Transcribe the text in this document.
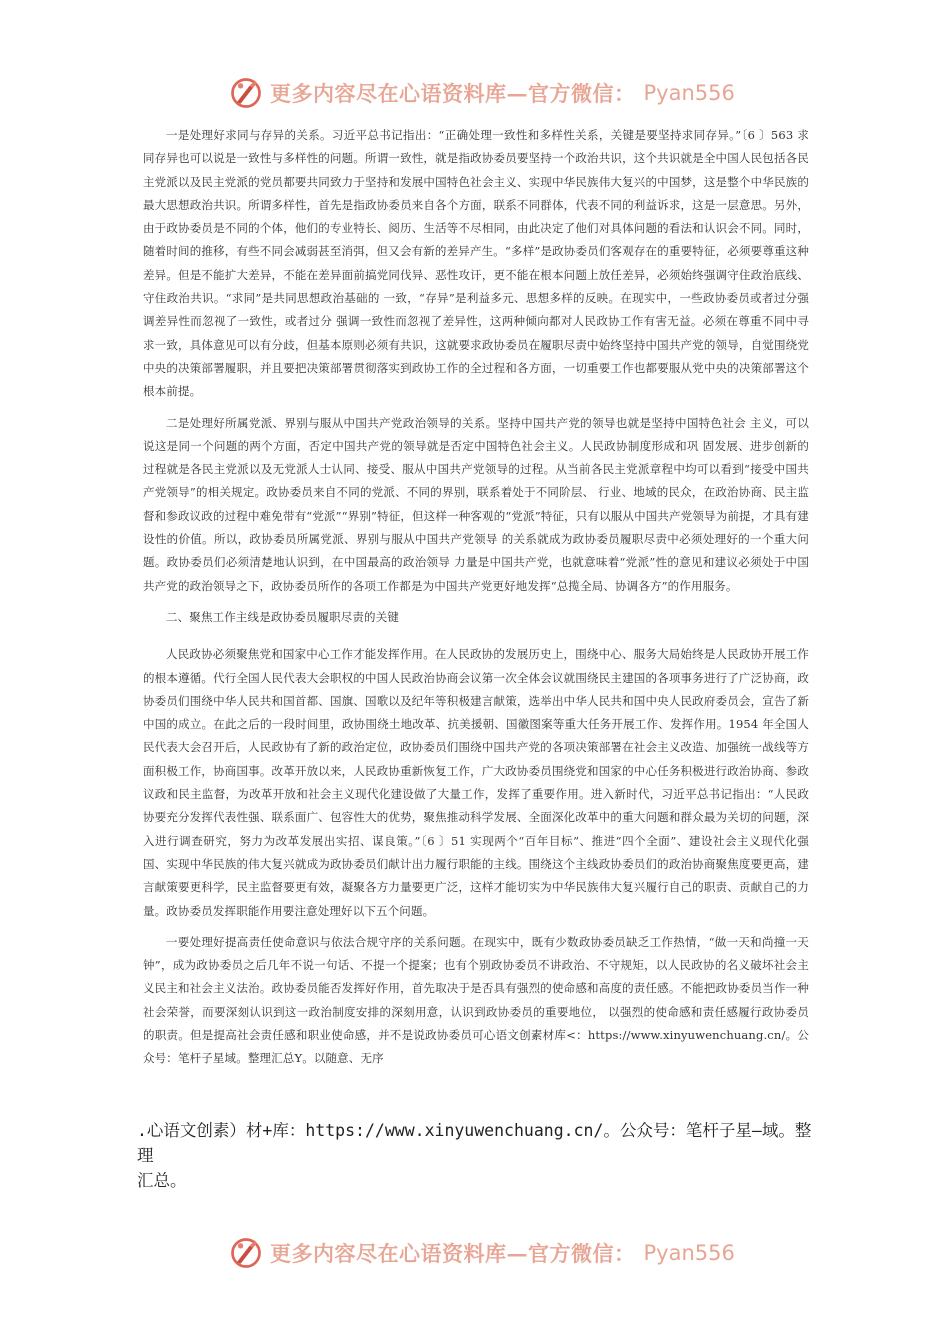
更多内容尽在心语资料库—官方微信： Pyan556

一是处理好求同与存异的关系。习近平总书记指出：“正确处理一致性和多样性关系，关键是要坚持求同存异。”〔6 〕563 求同存异也可以说是一致性与多样性的问题。所谓一致性，就是指政协委员要坚持一个政治共识，这个共识就是全中国人民包括各民主党派以及民主党派的党员都要共同致力于坚持和发展中国特色社会主义、实现中华民族伟大复兴的中国梦，这是整个中华民族的最大思想政治共识。所谓多样性，首先是指政协委员来自各个方面，联系不同群体，代表不同的利益诉求，这是一层意思。另外，由于政协委员是不同的个体，他们的专业特长、阅历、生活等不尽相同，由此决定了他们对具体问题的看法和认识会不同。同时，随着时间的推移，有些不同会减弱甚至消弭，但又会有新的差异产生。“多样”是政协委员们客观存在的重要特征，必须要尊重这种差异。但是不能扩大差异，不能在差异面前搞党同伐异、恶性攻讦，更不能在根本问题上放任差异，必须始终强调守住政治底线、守住政治共识。“求同”是共同思想政治基础的 一致，“存异”是利益多元、思想多样的反映。在现实中，一些政协委员或者过分强调差异性而忽视了一致性，或者过分 强调一致性而忽视了差异性，这两种倾向都对人民政协工作有害无益。必须在尊重不同中寻求一致，具体意见可以有分歧，但基本原则必须有共识，这就要求政协委员在履职尽责中始终坚持中国共产党的领导，自觉围绕党中央的决策部署履职，并且要把决策部署贯彻落实到政协工作的全过程和各方面，一切重要工作也都要服从党中央的决策部署这个根本前提。

二是处理好所属党派、界别与服从中国共产党政治领导的关系。坚持中国共产党的领导也就是坚持中国特色社会 主义，可以说这是同一个问题的两个方面，否定中国共产党的领导就是否定中国特色社会主义。人民政协制度形成和巩 固发展、进步创新的过程就是各民主党派以及无党派人士认同、接受、服从中国共产党领导的过程。从当前各民主党派章程中均可以看到“接受中国共产党领导”的相关规定。政协委员来自不同的党派、不同的界别，联系着处于不同阶层、 行业、地域的民众，在政治协商、民主监督和参政议政的过程中难免带有“党派”“界别”特征，但这样一种客观的“党派”特征，只有以服从中国共产党领导为前提，才具有建设性的价值。所以，政协委员所属党派、界别与服从中国共产党领导 的关系就成为政协委员履职尽责中必须处理好的一个重大问题。政协委员们必须清楚地认识到，在中国最高的政治领导 力量是中国共产党，也就意味着“党派”性的意见和建议必须处于中国共产党的政治领导之下，政协委员所作的各项工作都是为中国共产党更好地发挥“总揽全局、协调各方”的作用服务。

二、聚焦工作主线是政协委员履职尽责的关键

人民政协必须聚焦党和国家中心工作才能发挥作用。在人民政协的发展历史上，围绕中心、服务大局始终是人民政协开展工作的根本遵循。代行全国人民代表大会职权的中国人民政治协商会议第一次全体会议就围绕民主建国的各项事务进行了广泛协商，政协委员们围绕中华人民共和国首都、国旗、国歌以及纪年等积极建言献策，选举出中华人民共和国中央人民政府委员会，宣告了新中国的成立。在此之后的一段时间里，政协围绕土地改革、抗美援朝、国徽图案等重大任务开展工作、发挥作用。1954 年全国人民代表大会召开后，人民政协有了新的政治定位，政协委员们围绕中国共产党的各项决策部署在社会主义改造、加强统一战线等方面积极工作，协商国事。改革开放以来，人民政协重新恢复工作，广大政协委员围绕党和国家的中心任务积极进行政治协商、参政议政和民主监督，为改革开放和社会主义现代化建设做了大量工作，发挥了重要作用。进入新时代，习近平总书记指出：“人民政协要充分发挥代表性强、联系面广、包容性大的优势，聚焦推动科学发展、全面深化改革中的重大问题和群众最为关切的问题，深入进行调查研究，努力为改革发展出实招、谋良策。”〔6 〕51 实现两个“百年目标”、推进“四个全面”、建设社会主义现代化强国、实现中华民族的伟大复兴就成为政协委员们献计出力履行职能的主线。围绕这个主线政协委员们的政治协商聚焦度要更高，建言献策要更科学，民主监督要更有效，凝聚各方力量要更广泛，这样才能切实为中华民族伟大复兴履行自己的职责、贡献自己的力量。政协委员发挥职能作用要注意处理好以下五个问题。

一要处理好提高责任使命意识与依法合规守序的关系问题。在现实中，既有少数政协委员缺乏工作热情，“做一天和尚撞一天钟”，成为政协委员之后几年不说一句话、不提一个提案；也有个别政协委员不讲政治、不守规矩，以人民政协的名义破坏社会主义民主和社会主义法治。政协委员能否发挥好作用，首先取决于是否具有强烈的使命感和高度的责任感。不能把政协委员当作一种社会荣誉，而要深刻认识到这一政治制度安排的深刻用意，认识到政协委员的重要地位， 以强烈的使命感和责任感履行政协委员的职责。但是提高社会责任感和职业使命感，并不是说政协委员可心语文创素材库<：https://www.xinyuwenchuang.cn/。公众号：笔杆子星域。整理汇总Y。以随意、无序

.心语文创素）材+库：https://www.xinyuwenchuang.cn/。公众号：笔杆子星—域。整理

汇总。

更多内容尽在心语资料库—官方微信： Pyan556
